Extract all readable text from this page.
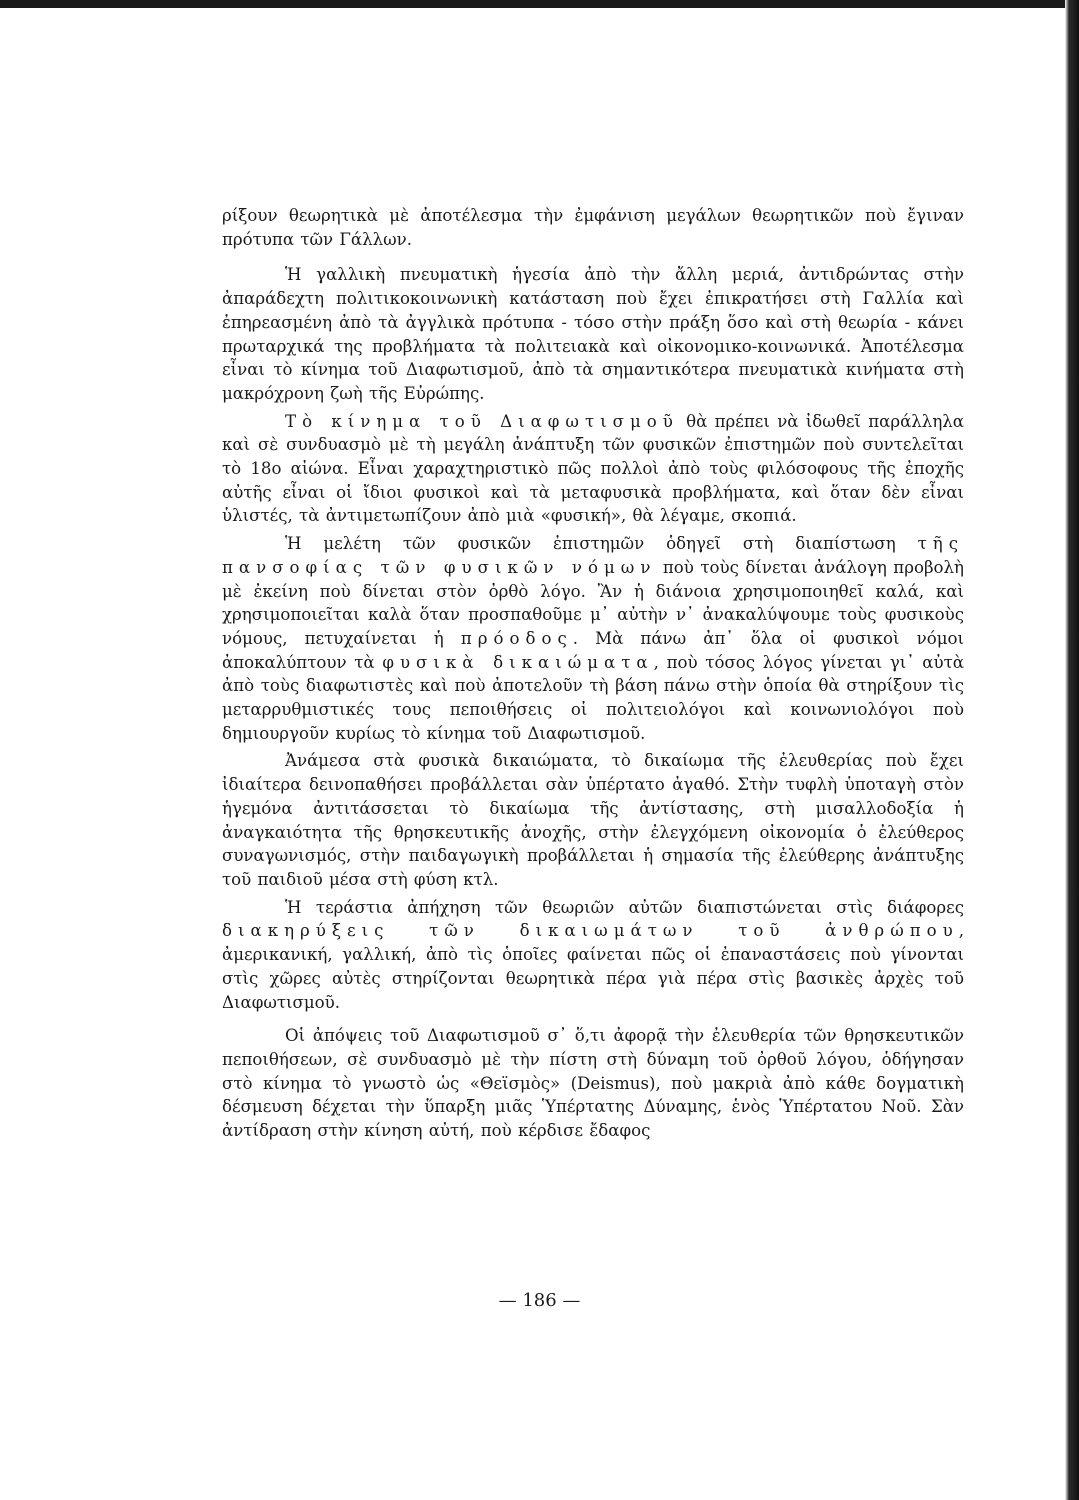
ρίξουν θεωρητικὰ μὲ ἀποτέλεσμα τὴν ἐμφάνιση μεγάλων θεωρητικῶν ποὺ ἔγιναν πρότυπα τῶν Γάλλων.

Ἡ γαλλικὴ πνευματικὴ ἡγεσία ἀπὸ τὴν ἄλλη μεριά, ἀντιδρώντας στὴν ἀπαράδεχτη πολιτικοκοινωνικὴ κατάσταση ποὺ ἔχει ἐπικρατήσει στὴ Γαλλία καὶ ἐπηρεασμένη ἀπὸ τὰ ἀγγλικὰ πρότυπα - τόσο στὴν πράξη ὅσο καὶ στὴ θεωρία - κάνει πρωταρχικά της προβλήματα τὰ πολιτειακὰ καὶ οἰκονομικο-κοινωνικά. Ἀποτέλεσμα εἶναι τὸ κίνημα τοῦ Διαφωτισμοῦ, ἀπὸ τὰ σημαντικότερα πνευματικὰ κινήματα στὴ μακρόχρονη ζωὴ τῆς Εὐρώπης.

Τὸ κίνημα τοῦ Διαφωτισμοῦ θὰ πρέπει νὰ ἰδωθεῖ παράλληλα καὶ σὲ συνδυασμὸ μὲ τὴ μεγάλη ἀνάπτυξη τῶν φυσικῶν ἐπιστημῶν ποὺ συντελεῖται τὸ 18ο αἰώνα. Εἶναι χαραχτηριστικὸ πῶς πολλοὶ ἀπὸ τοὺς φιλόσοφους τῆς ἐποχῆς αὐτῆς εἶναι οἱ ἴδιοι φυσικοὶ καὶ τὰ μεταφυσικὰ προβλήματα, καὶ ὅταν δὲν εἶναι ὑλιστές, τὰ ἀντιμετωπίζουν ἀπὸ μιὰ «φυσική», θὰ λέγαμε, σκοπιά.

Ἡ μελέτη τῶν φυσικῶν ἐπιστημῶν ὁδηγεῖ στὴ διαπίστωση τῆς πανσοφίας τῶν φυσικῶν νόμων ποὺ τοὺς δίνεται ἀνάλογη προβολὴ μὲ ἐκείνη ποὺ δίνεται στὸν ὀρθὸ λόγο. Ἂν ἡ διάνοια χρησιμοποιηθεῖ καλά, καὶ χρησιμοποιεῖται καλὰ ὅταν προσπαθοῦμε μ᾿ αὐτὴν ν᾿ ἀνακαλύψουμε τοὺς φυσικοὺς νόμους, πετυχαίνεται ἡ πρόοδος. Μὰ πάνω ἀπ᾿ ὅλα οἱ φυσικοὶ νόμοι ἀποκαλύπτουν τὰ φυσικὰ δικαιώματα, ποὺ τόσος λόγος γίνεται γι᾿ αὐτὰ ἀπὸ τοὺς διαφωτιστὲς καὶ ποὺ ἀποτελοῦν τὴ βάση πάνω στὴν ὁποία θὰ στηρίξουν τὶς μεταρρυθμιστικές τους πεποιθήσεις οἱ πολιτειολόγοι καὶ κοινωνιολόγοι ποὺ δημιουργοῦν κυρίως τὸ κίνημα τοῦ Διαφωτισμοῦ.

Ἀνάμεσα στὰ φυσικὰ δικαιώματα, τὸ δικαίωμα τῆς ἐλευθερίας ποὺ ἔχει ἰδιαίτερα δεινοπαθήσει προβάλλεται σὰν ὑπέρτατο ἀγαθό. Στὴν τυφλὴ ὑποταγὴ στὸν ἡγεμόνα ἀντιτάσσεται τὸ δικαίωμα τῆς ἀντίστασης, στὴ μισαλλοδοξία ἡ ἀναγκαιότητα τῆς θρησκευτικῆς ἀνοχῆς, στὴν ἐλεγχόμενη οἰκονομία ὁ ἐλεύθερος συναγωνισμός, στὴν παιδαγωγικὴ προβάλλεται ἡ σημασία τῆς ἐλεύθερης ἀνάπτυξης τοῦ παιδιοῦ μέσα στὴ φύση κτλ.

Ἡ τεράστια ἀπήχηση τῶν θεωριῶν αὐτῶν διαπιστώνεται στὶς διάφορες διακηρύξεις τῶν δικαιωμάτων τοῦ ἀνθρώπου, ἀμερικανική, γαλλική, ἀπὸ τὶς ὁποῖες φαίνεται πῶς οἱ ἐπαναστάσεις ποὺ γίνονται στὶς χῶρες αὐτὲς στηρίζονται θεωρητικὰ πέρα γιὰ πέρα στὶς βασικὲς ἀρχὲς τοῦ Διαφωτισμοῦ.

Οἱ ἀπόψεις τοῦ Διαφωτισμοῦ σ᾿ ὅ,τι ἀφορᾷ τὴν ἐλευθερία τῶν θρησκευτικῶν πεποιθήσεων, σὲ συνδυασμὸ μὲ τὴν πίστη στὴ δύναμη τοῦ ὀρθοῦ λόγου, ὁδήγησαν στὸ κίνημα τὸ γνωστὸ ὡς «Θεϊσμὸς» (Deismus), ποὺ μακριὰ ἀπὸ κάθε δογματικὴ δέσμευση δέχεται τὴν ὕπαρξη μιᾶς Ὑπέρτατης Δύναμης, ἑνὸς Ὑπέρτατου Νοῦ. Σὰν ἀντίδραση στὴν κίνηση αὐτή, ποὺ κέρδισε ἔδαφος

— 186 —
